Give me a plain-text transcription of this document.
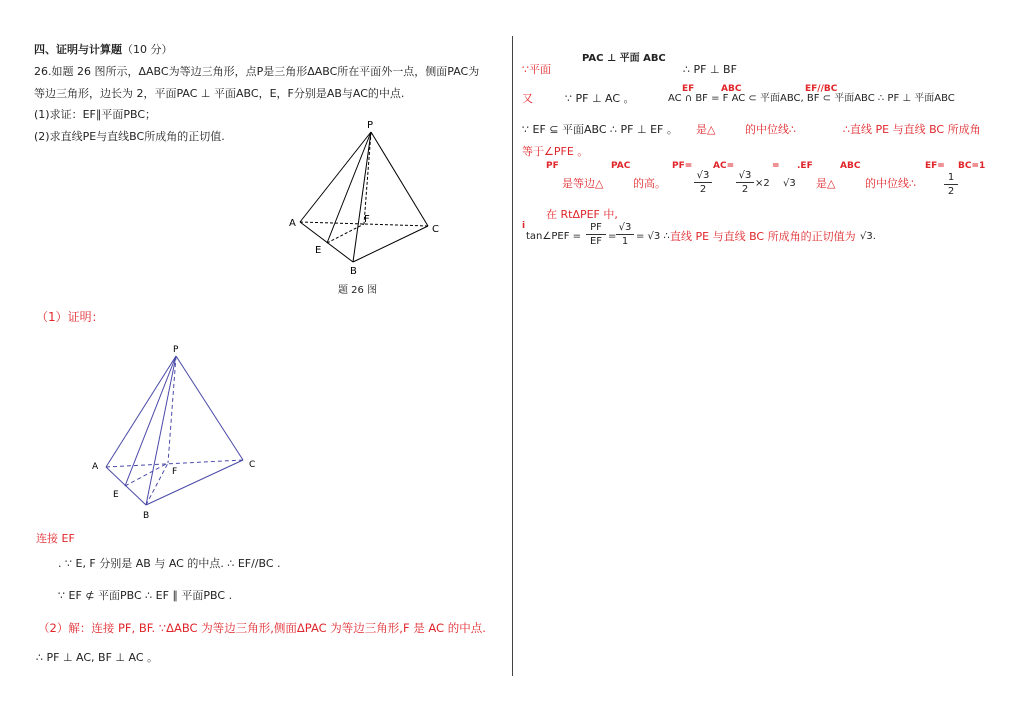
四、证明与计算题（10 分）
26.如题 26 图所示，ΔABC为等边三角形，点P是三角形ΔABC所在平面外一点，侧面PAC为
等边三角形，边长为 2，平面PAC ⊥ 平面ABC，E，F分别是AB与AC的中点.
(1)求证：EF∥平面PBC；
(2)求直线PE与直线BC所成角的正切值.
P
A
B
C
E
F
题 26 图
（1）证明：
P
A
B
C
E
F
连接 EF
. ∵ E, F 分别是 AB 与 AC 的中点. ∴ EF//BC .
∵ EF ⊄ 平面PBC ∴ EF ∥ 平面PBC .
（2）解：连接 PF, BF. ∵ΔABC 为等边三角形,侧面ΔPAC 为等边三角形,F 是 AC 的中点.
∴ PF ⊥ AC, BF ⊥ AC 。
PAC ⊥ 平面 ABC
∵平面	∴ PF ⊥ BF
EF	ABC	EF//BC
又	∵ PF ⊥ AC 。	AC ∩ BF = F AC ⊂ 平面ABC, BF ⊂ 平面ABC ∴ PF ⊥ 平面ABC
∵ EF ⊆ 平面ABC ∴ PF ⊥ EF 。 是△	的中位线∴	∴直线 PE 与直线 BC 所成角
等于∠PFE 。
PF	PAC	PF= AC=	= .EF	ABC	EF= BC=1
是等边△	的高。
√3
2
√3
2
×2 √3 是△	的中位线∴	1
2
i
在 RtΔPEF 中,
tan∠PEF =
PF
EF =
√3
1 = √3 ∴ 直线 PE 与直线 BC 所成角的正切值为 √3.
